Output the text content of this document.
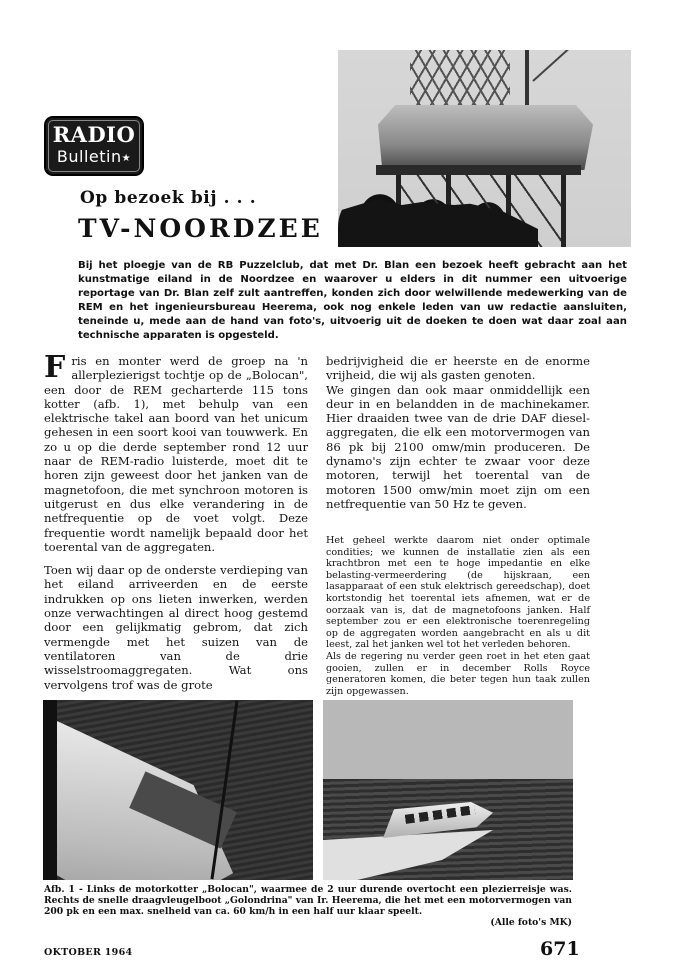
RADIO
Bulletin★
Op bezoek bij . . .
TV-NOORDZEE
Bij het ploegje van de RB Puzzelclub, dat met Dr. Blan een bezoek heeft gebracht aan het kunstmatige eiland in de Noordzee en waarover u elders in dit nummer een uitvoerige reportage van Dr. Blan zelf zult aantreffen, konden zich door welwillende medewerking van de REM en het ingenieursbureau Heerema, ook nog enkele leden van uw redactie aansluiten, teneinde u, mede aan de hand van foto's, uitvoerig uit de doeken te doen wat daar zoal aan technische apparaten is opgesteld.

Fris en monter werd de groep na 'n allerplezierigst tochtje op de „Bolocan", een door de REM gecharterde 115 tons kotter (afb. 1), met behulp van een elektrische takel aan boord van het unicum gehesen in een soort kooi van touwwerk. En zo u op die derde september rond 12 uur naar de REM-radio luisterde, moet dit te horen zijn geweest door het janken van de magnetofoon, die met synchroon motoren is uitgerust en dus elke verandering in de netfrequentie op de voet volgt. Deze frequentie wordt namelijk bepaald door het toerental van de aggregaten.

Toen wij daar op de onderste verdieping van het eiland arriveerden en de eerste indrukken op ons lieten inwerken, werden onze verwachtingen al direct hoog gestemd door een gelijkmatig gebrom, dat zich vermengde met het suizen van de ventilatoren van de drie wisselstroomaggregaten. Wat ons vervolgens trof was de grote

bedrijvigheid die er heerste en de enorme vrijheid, die wij als gasten genoten.

We gingen dan ook maar onmiddellijk een deur in en belandden in de machinekamer. Hier draaiden twee van de drie DAF diesel-aggregaten, die elk een motorvermogen van 86 pk bij 2100 omw/min produceren. De dynamo's zijn echter te zwaar voor deze motoren, terwijl het toerental van de motoren 1500 omw/min moet zijn om een netfrequentie van 50 Hz te geven.

Het geheel werkte daarom niet onder optimale condities; we kunnen de installatie zien als een krachtbron met een te hoge impedantie en elke belasting-vermeerdering (de hijskraan, een lasapparaat of een stuk elektrisch gereedschap), doet kortstondig het toerental iets afnemen, wat er de oorzaak van is, dat de magnetofoons janken. Half september zou er een elektronische toerenregeling op de aggregaten worden aangebracht en als u dit leest, zal het janken wel tot het verleden behoren.

Als de regering nu verder geen roet in het eten gaat gooien, zullen er in december Rolls Royce generatoren komen, die beter tegen hun taak zullen zijn opgewassen.

Afb. 1 - Links de motorkotter „Bolocan", waarmee de 2 uur durende overtocht een plezierreisje was. Rechts de snelle draagvleugelboot „Golondrina" van Ir. Heerema, die het met een motorvermogen van 200 pk en een max. snelheid van ca. 60 km/h in een half uur klaar speelt.
(Alle foto's MK)
OKTOBER 1964	671
